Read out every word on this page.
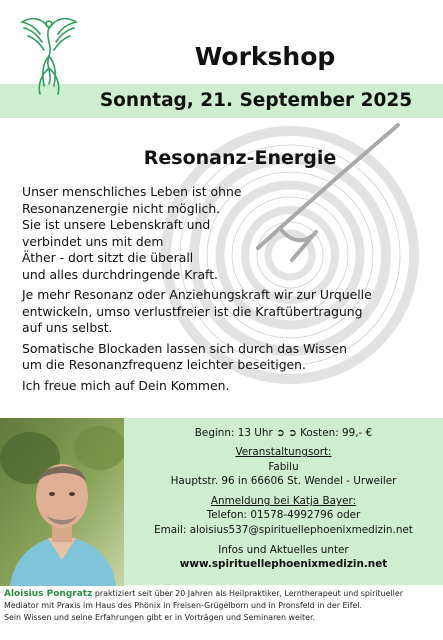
Workshop
Sonntag, 21. September 2025
Resonanz-Energie

Unser menschliches Leben ist ohne
Resonanzenergie nicht möglich.
Sie ist unsere Lebenskraft und
verbindet uns mit dem
Äther - dort sitzt die überall
und alles durchdringende Kraft.

Je mehr Resonanz oder Anziehungskraft wir zur Urquelle
entwickeln, umso verlustfreier ist die Kraftübertragung
auf uns selbst.

Somatische Blockaden lassen sich durch das Wissen
um die Resonanzfrequenz leichter beseitigen.

Ich freue mich auf Dein Kommen.

Beginn: 13 Uhr ➲ ➲ Kosten: 99,- €
Veranstaltungsort:
Fabilu
Hauptstr. 96 in 66606 St. Wendel - Urweiler
Anmeldung bei Katja Bayer:
Telefon: 01578-4992796 oder
Email: aloisius537@spirituellephoenixmedizin.net
Infos und Aktuelles unter
www.spirituellephoenixmedizin.net

Aloisius Pongratz praktiziert seit über 20 Jahren als Heilpraktiker, Lerntherapeut und spiritueller

Mediator mit Praxis im Haus des Phönix in Freisen-Grügelborn und in Pronsfeld in der Eifel.

Sein Wissen und seine Erfahrungen gibt er in Vorträgen und Seminaren weiter.
